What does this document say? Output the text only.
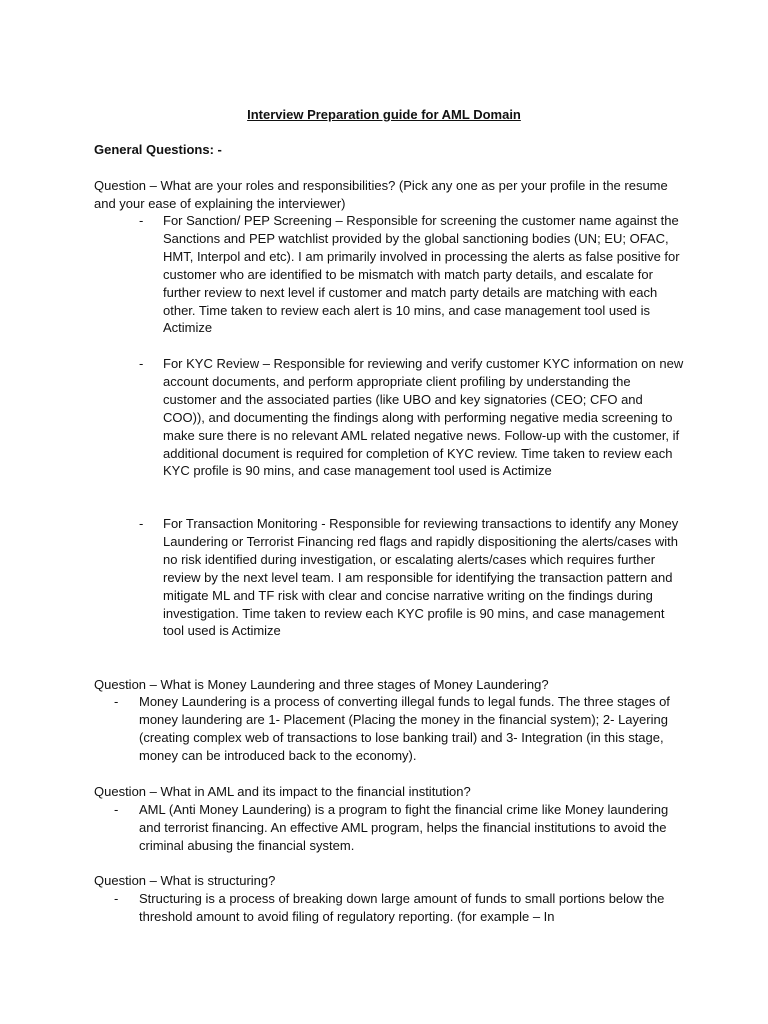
Interview Preparation guide for AML Domain
General Questions: -
Question – What are your roles and responsibilities? (Pick any one as per your profile in the resume and your ease of explaining the interviewer)
- For Sanction/ PEP Screening – Responsible for screening the customer name against the Sanctions and PEP watchlist provided by the global sanctioning bodies (UN; EU; OFAC, HMT, Interpol and etc). I am primarily involved in processing the alerts as false positive for customer who are identified to be mismatch with match party details, and escalate for further review to next level if customer and match party details are matching with each other. Time taken to review each alert is 10 mins, and case management tool used is Actimize
- For KYC Review – Responsible for reviewing and verify customer KYC information on new account documents, and perform appropriate client profiling by understanding the customer and the associated parties (like UBO and key signatories (CEO; CFO and COO)), and documenting the findings along with performing negative media screening to make sure there is no relevant AML related negative news. Follow-up with the customer, if additional document is required for completion of KYC review. Time taken to review each KYC profile is 90 mins, and case management tool used is Actimize
- For Transaction Monitoring - Responsible for reviewing transactions to identify any Money Laundering or Terrorist Financing red flags and rapidly dispositioning the alerts/cases with no risk identified during investigation, or escalating alerts/cases which requires further review by the next level team. I am responsible for identifying the transaction pattern and mitigate ML and TF risk with clear and concise narrative writing on the findings during investigation. Time taken to review each KYC profile is 90 mins, and case management tool used is Actimize
Question – What is Money Laundering and three stages of Money Laundering?
- Money Laundering is a process of converting illegal funds to legal funds. The three stages of money laundering are 1- Placement (Placing the money in the financial system); 2- Layering (creating complex web of transactions to lose banking trail) and 3- Integration (in this stage, money can be introduced back to the economy).
Question – What in AML and its impact to the financial institution?
- AML (Anti Money Laundering) is a program to fight the financial crime like Money laundering and terrorist financing. An effective AML program, helps the financial institutions to avoid the criminal abusing the financial system.
Question – What is structuring?
- Structuring is a process of breaking down large amount of funds to small portions below the threshold amount to avoid filing of regulatory reporting. (for example – In
